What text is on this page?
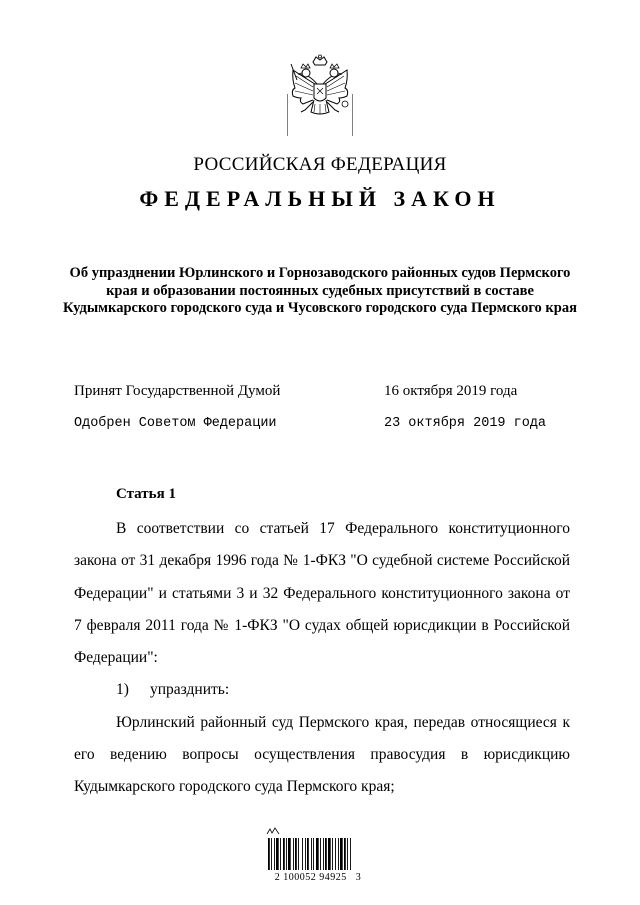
РОССИЙСКАЯ ФЕДЕРАЦИЯ
ФЕДЕРАЛЬНЫЙ ЗАКОН
Об упразднении Юрлинского и Горнозаводского районных судов Пермского края и образовании постоянных судебных присутствий в составе Кудымкарского городского суда и Чусовского городского суда Пермского края
Принят Государственной Думой	16 октября 2019 года
Одобрен Советом Федерации	23 октября 2019 года
Статья 1

В соответствии со статьей 17 Федерального конституционного закона от 31 декабря 1996 года № 1-ФКЗ "О судебной системе Российской Федерации" и статьями 3 и 32 Федерального конституционного закона от 7 февраля 2011 года № 1-ФКЗ "О судах общей юрисдикции в Российской Федерации":

1) упразднить:

Юрлинский районный суд Пермского края, передав относящиеся к его ведению вопросы осуществления правосудия в юрисдикцию Кудымкарского городского суда Пермского края;

2 100052 94925   3
